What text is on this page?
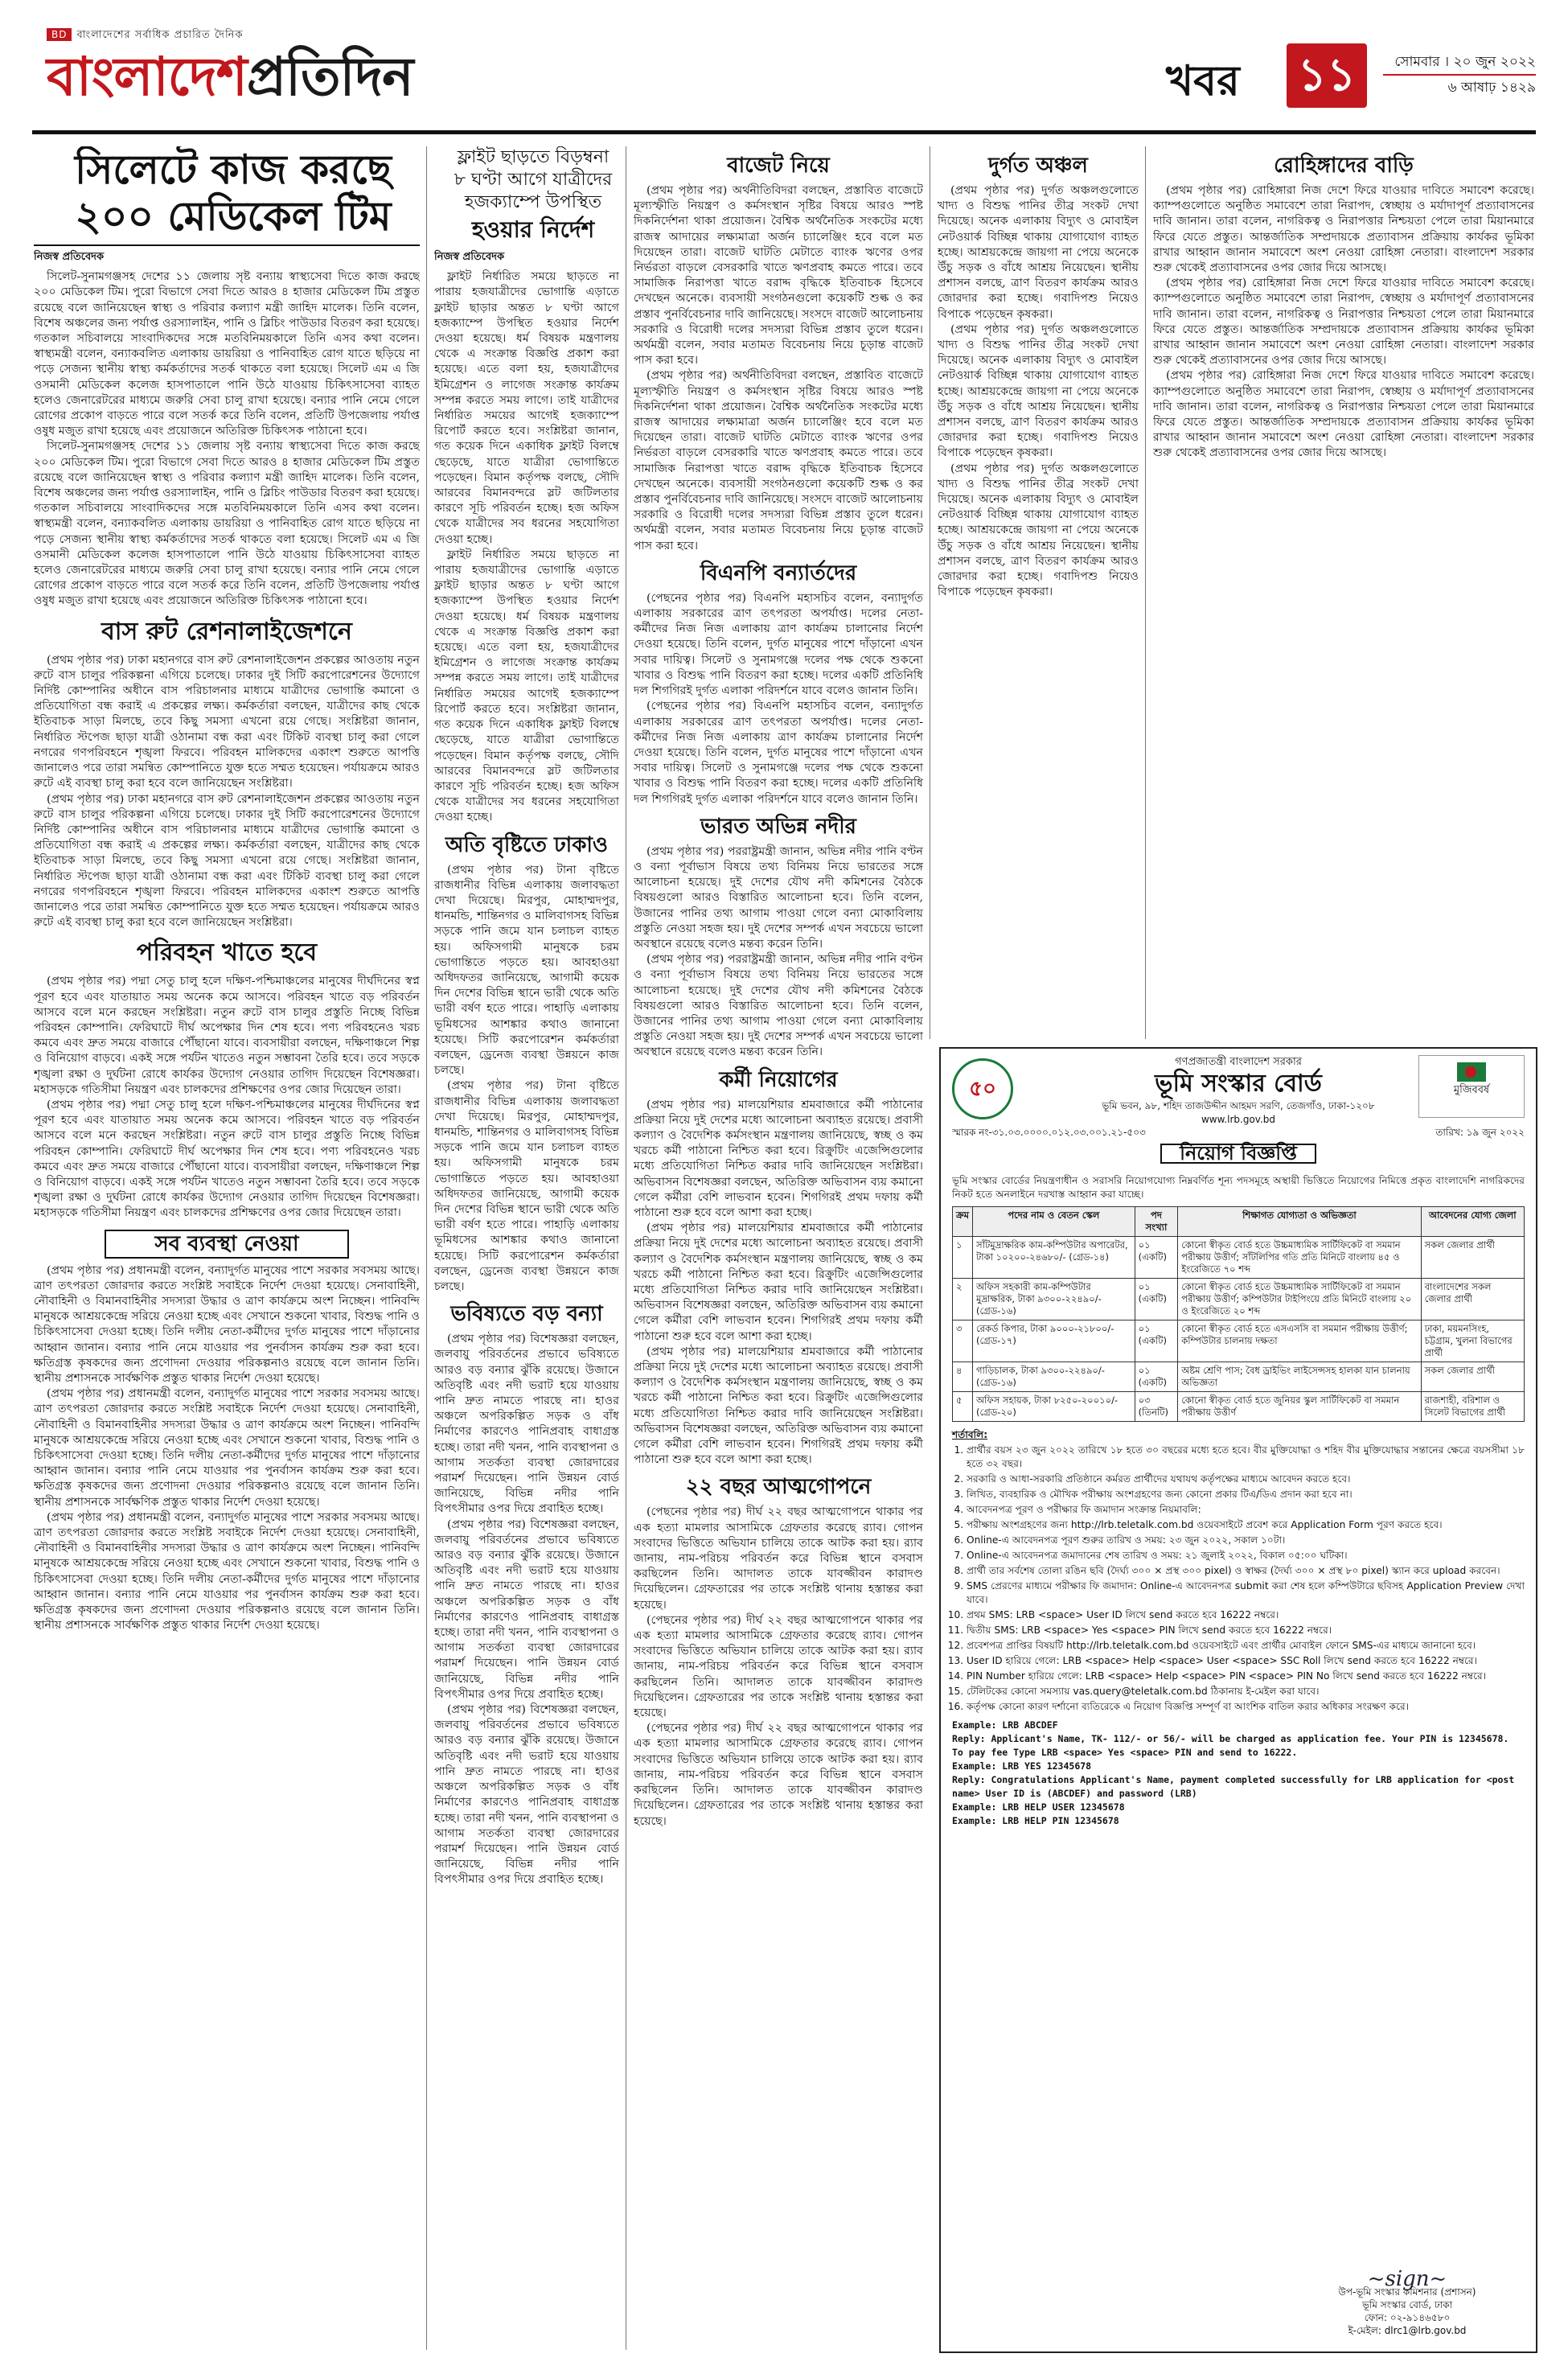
BD বাংলাদেশের সর্বাধিক প্রচারিত দৈনিক
বাংলাদেশপ্রতিদিন	খবর ১১	সোমবার । ২০ জুন ২০২২
৬ আষাঢ় ১৪২৯

সিলেটে কাজ করছে

২০০ মেডিকেল টিম

নিজস্ব প্রতিবেদক

সিলেট-সুনামগঞ্জসহ দেশের ১১ জেলায় সৃষ্ট বন্যায় স্বাস্থ্যসেবা দিতে কাজ করছে ২০০ মেডিকেল টিম। পুরো বিভাগে সেবা দিতে আরও ৪ হাজার মেডিকেল টিম প্রস্তুত রয়েছে বলে জানিয়েছেন স্বাস্থ্য ও পরিবার কল্যাণ মন্ত্রী জাহিদ মালেক। তিনি বলেন, বিশেষ অঞ্চলের জন্য পর্যাপ্ত ওরস্যালাইন, পানি ও ব্লিচিং পাউডার বিতরণ করা হয়েছে। গতকাল সচিবালয়ে সাংবাদিকদের সঙ্গে মতবিনিময়কালে তিনি এসব কথা বলেন। স্বাস্থ্যমন্ত্রী বলেন, বন্যাকবলিত এলাকায় ডায়রিয়া ও পানিবাহিত রোগ যাতে ছড়িয়ে না পড়ে সেজন্য স্থানীয় স্বাস্থ্য কর্মকর্তাদের সতর্ক থাকতে বলা হয়েছে। সিলেট এম এ জি ওসমানী মেডিকেল কলেজ হাসপাতালে পানি উঠে যাওয়ায় চিকিৎসাসেবা ব্যাহত হলেও জেনারেটরের মাধ্যমে জরুরি সেবা চালু রাখা হয়েছে। বন্যার পানি নেমে গেলে রোগের প্রকোপ বাড়তে পারে বলে সতর্ক করে তিনি বলেন, প্রতিটি উপজেলায় পর্যাপ্ত ওষুধ মজুত রাখা হয়েছে এবং প্রয়োজনে অতিরিক্ত চিকিৎসক পাঠানো হবে।

সিলেট-সুনামগঞ্জসহ দেশের ১১ জেলায় সৃষ্ট বন্যায় স্বাস্থ্যসেবা দিতে কাজ করছে ২০০ মেডিকেল টিম। পুরো বিভাগে সেবা দিতে আরও ৪ হাজার মেডিকেল টিম প্রস্তুত রয়েছে বলে জানিয়েছেন স্বাস্থ্য ও পরিবার কল্যাণ মন্ত্রী জাহিদ মালেক। তিনি বলেন, বিশেষ অঞ্চলের জন্য পর্যাপ্ত ওরস্যালাইন, পানি ও ব্লিচিং পাউডার বিতরণ করা হয়েছে। গতকাল সচিবালয়ে সাংবাদিকদের সঙ্গে মতবিনিময়কালে তিনি এসব কথা বলেন। স্বাস্থ্যমন্ত্রী বলেন, বন্যাকবলিত এলাকায় ডায়রিয়া ও পানিবাহিত রোগ যাতে ছড়িয়ে না পড়ে সেজন্য স্থানীয় স্বাস্থ্য কর্মকর্তাদের সতর্ক থাকতে বলা হয়েছে। সিলেট এম এ জি ওসমানী মেডিকেল কলেজ হাসপাতালে পানি উঠে যাওয়ায় চিকিৎসাসেবা ব্যাহত হলেও জেনারেটরের মাধ্যমে জরুরি সেবা চালু রাখা হয়েছে। বন্যার পানি নেমে গেলে রোগের প্রকোপ বাড়তে পারে বলে সতর্ক করে তিনি বলেন, প্রতিটি উপজেলায় পর্যাপ্ত ওষুধ মজুত রাখা হয়েছে এবং প্রয়োজনে অতিরিক্ত চিকিৎসক পাঠানো হবে।

বাস রুট রেশনালাইজেশনে

(প্রথম পৃষ্ঠার পর) ঢাকা মহানগরে বাস রুট রেশনালাইজেশন প্রকল্পের আওতায় নতুন রুটে বাস চালুর পরিকল্পনা এগিয়ে চলেছে। ঢাকার দুই সিটি করপোরেশনের উদ্যোগে নির্দিষ্ট কোম্পানির অধীনে বাস পরিচালনার মাধ্যমে যাত্রীদের ভোগান্তি কমানো ও প্রতিযোগিতা বন্ধ করাই এ প্রকল্পের লক্ষ্য। কর্মকর্তারা বলছেন, যাত্রীদের কাছ থেকে ইতিবাচক সাড়া মিলছে, তবে কিছু সমস্যা এখনো রয়ে গেছে। সংশ্লিষ্টরা জানান, নির্ধারিত স্টপেজ ছাড়া যাত্রী ওঠানামা বন্ধ করা এবং টিকিট ব্যবস্থা চালু করা গেলে নগরের গণপরিবহনে শৃঙ্খলা ফিরবে। পরিবহন মালিকদের একাংশ শুরুতে আপত্তি জানালেও পরে তারা সমন্বিত কোম্পানিতে যুক্ত হতে সম্মত হয়েছেন। পর্যায়ক্রমে আরও রুটে এই ব্যবস্থা চালু করা হবে বলে জানিয়েছেন সংশ্লিষ্টরা।

(প্রথম পৃষ্ঠার পর) ঢাকা মহানগরে বাস রুট রেশনালাইজেশন প্রকল্পের আওতায় নতুন রুটে বাস চালুর পরিকল্পনা এগিয়ে চলেছে। ঢাকার দুই সিটি করপোরেশনের উদ্যোগে নির্দিষ্ট কোম্পানির অধীনে বাস পরিচালনার মাধ্যমে যাত্রীদের ভোগান্তি কমানো ও প্রতিযোগিতা বন্ধ করাই এ প্রকল্পের লক্ষ্য। কর্মকর্তারা বলছেন, যাত্রীদের কাছ থেকে ইতিবাচক সাড়া মিলছে, তবে কিছু সমস্যা এখনো রয়ে গেছে। সংশ্লিষ্টরা জানান, নির্ধারিত স্টপেজ ছাড়া যাত্রী ওঠানামা বন্ধ করা এবং টিকিট ব্যবস্থা চালু করা গেলে নগরের গণপরিবহনে শৃঙ্খলা ফিরবে। পরিবহন মালিকদের একাংশ শুরুতে আপত্তি জানালেও পরে তারা সমন্বিত কোম্পানিতে যুক্ত হতে সম্মত হয়েছেন। পর্যায়ক্রমে আরও রুটে এই ব্যবস্থা চালু করা হবে বলে জানিয়েছেন সংশ্লিষ্টরা।

পরিবহন খাতে হবে

(প্রথম পৃষ্ঠার পর) পদ্মা সেতু চালু হলে দক্ষিণ-পশ্চিমাঞ্চলের মানুষের দীর্ঘদিনের স্বপ্ন পূরণ হবে এবং যাতায়াত সময় অনেক কমে আসবে। পরিবহন খাতে বড় পরিবর্তন আসবে বলে মনে করছেন সংশ্লিষ্টরা। নতুন রুটে বাস চালুর প্রস্তুতি নিচ্ছে বিভিন্ন পরিবহন কোম্পানি। ফেরিঘাটে দীর্ঘ অপেক্ষার দিন শেষ হবে। পণ্য পরিবহনেও খরচ কমবে এবং দ্রুত সময়ে বাজারে পৌঁছানো যাবে। ব্যবসায়ীরা বলছেন, দক্ষিণাঞ্চলে শিল্প ও বিনিয়োগ বাড়বে। একই সঙ্গে পর্যটন খাতেও নতুন সম্ভাবনা তৈরি হবে। তবে সড়কে শৃঙ্খলা রক্ষা ও দুর্ঘটনা রোধে কার্যকর উদ্যোগ নেওয়ার তাগিদ দিয়েছেন বিশেষজ্ঞরা। মহাসড়কে গতিসীমা নিয়ন্ত্রণ এবং চালকদের প্রশিক্ষণের ওপর জোর দিয়েছেন তারা।

(প্রথম পৃষ্ঠার পর) পদ্মা সেতু চালু হলে দক্ষিণ-পশ্চিমাঞ্চলের মানুষের দীর্ঘদিনের স্বপ্ন পূরণ হবে এবং যাতায়াত সময় অনেক কমে আসবে। পরিবহন খাতে বড় পরিবর্তন আসবে বলে মনে করছেন সংশ্লিষ্টরা। নতুন রুটে বাস চালুর প্রস্তুতি নিচ্ছে বিভিন্ন পরিবহন কোম্পানি। ফেরিঘাটে দীর্ঘ অপেক্ষার দিন শেষ হবে। পণ্য পরিবহনেও খরচ কমবে এবং দ্রুত সময়ে বাজারে পৌঁছানো যাবে। ব্যবসায়ীরা বলছেন, দক্ষিণাঞ্চলে শিল্প ও বিনিয়োগ বাড়বে। একই সঙ্গে পর্যটন খাতেও নতুন সম্ভাবনা তৈরি হবে। তবে সড়কে শৃঙ্খলা রক্ষা ও দুর্ঘটনা রোধে কার্যকর উদ্যোগ নেওয়ার তাগিদ দিয়েছেন বিশেষজ্ঞরা। মহাসড়কে গতিসীমা নিয়ন্ত্রণ এবং চালকদের প্রশিক্ষণের ওপর জোর দিয়েছেন তারা।

সব ব্যবস্থা নেওয়া

(প্রথম পৃষ্ঠার পর) প্রধানমন্ত্রী বলেন, বন্যাদুর্গত মানুষের পাশে সরকার সবসময় আছে। ত্রাণ তৎপরতা জোরদার করতে সংশ্লিষ্ট সবাইকে নির্দেশ দেওয়া হয়েছে। সেনাবাহিনী, নৌবাহিনী ও বিমানবাহিনীর সদস্যরা উদ্ধার ও ত্রাণ কার্যক্রমে অংশ নিচ্ছেন। পানিবন্দি মানুষকে আশ্রয়কেন্দ্রে সরিয়ে নেওয়া হচ্ছে এবং সেখানে শুকনো খাবার, বিশুদ্ধ পানি ও চিকিৎসাসেবা দেওয়া হচ্ছে। তিনি দলীয় নেতা-কর্মীদের দুর্গত মানুষের পাশে দাঁড়ানোর আহ্বান জানান। বন্যার পানি নেমে যাওয়ার পর পুনর্বাসন কার্যক্রম শুরু করা হবে। ক্ষতিগ্রস্ত কৃষকদের জন্য প্রণোদনা দেওয়ার পরিকল্পনাও রয়েছে বলে জানান তিনি। স্থানীয় প্রশাসনকে সার্বক্ষণিক প্রস্তুত থাকার নির্দেশ দেওয়া হয়েছে।

(প্রথম পৃষ্ঠার পর) প্রধানমন্ত্রী বলেন, বন্যাদুর্গত মানুষের পাশে সরকার সবসময় আছে। ত্রাণ তৎপরতা জোরদার করতে সংশ্লিষ্ট সবাইকে নির্দেশ দেওয়া হয়েছে। সেনাবাহিনী, নৌবাহিনী ও বিমানবাহিনীর সদস্যরা উদ্ধার ও ত্রাণ কার্যক্রমে অংশ নিচ্ছেন। পানিবন্দি মানুষকে আশ্রয়কেন্দ্রে সরিয়ে নেওয়া হচ্ছে এবং সেখানে শুকনো খাবার, বিশুদ্ধ পানি ও চিকিৎসাসেবা দেওয়া হচ্ছে। তিনি দলীয় নেতা-কর্মীদের দুর্গত মানুষের পাশে দাঁড়ানোর আহ্বান জানান। বন্যার পানি নেমে যাওয়ার পর পুনর্বাসন কার্যক্রম শুরু করা হবে। ক্ষতিগ্রস্ত কৃষকদের জন্য প্রণোদনা দেওয়ার পরিকল্পনাও রয়েছে বলে জানান তিনি। স্থানীয় প্রশাসনকে সার্বক্ষণিক প্রস্তুত থাকার নির্দেশ দেওয়া হয়েছে।

(প্রথম পৃষ্ঠার পর) প্রধানমন্ত্রী বলেন, বন্যাদুর্গত মানুষের পাশে সরকার সবসময় আছে। ত্রাণ তৎপরতা জোরদার করতে সংশ্লিষ্ট সবাইকে নির্দেশ দেওয়া হয়েছে। সেনাবাহিনী, নৌবাহিনী ও বিমানবাহিনীর সদস্যরা উদ্ধার ও ত্রাণ কার্যক্রমে অংশ নিচ্ছেন। পানিবন্দি মানুষকে আশ্রয়কেন্দ্রে সরিয়ে নেওয়া হচ্ছে এবং সেখানে শুকনো খাবার, বিশুদ্ধ পানি ও চিকিৎসাসেবা দেওয়া হচ্ছে। তিনি দলীয় নেতা-কর্মীদের দুর্গত মানুষের পাশে দাঁড়ানোর আহ্বান জানান। বন্যার পানি নেমে যাওয়ার পর পুনর্বাসন কার্যক্রম শুরু করা হবে। ক্ষতিগ্রস্ত কৃষকদের জন্য প্রণোদনা দেওয়ার পরিকল্পনাও রয়েছে বলে জানান তিনি। স্থানীয় প্রশাসনকে সার্বক্ষণিক প্রস্তুত থাকার নির্দেশ দেওয়া হয়েছে।

ফ্লাইট ছাড়তে বিড়ম্বনা

৮ ঘণ্টা আগে যাত্রীদের

হজক্যাম্পে উপস্থিত

হওয়ার নির্দেশ

নিজস্ব প্রতিবেদক

ফ্লাইট নির্ধারিত সময়ে ছাড়তে না পারায় হজযাত্রীদের ভোগান্তি এড়াতে ফ্লাইট ছাড়ার অন্তত ৮ ঘণ্টা আগে হজক্যাম্পে উপস্থিত হওয়ার নির্দেশ দেওয়া হয়েছে। ধর্ম বিষয়ক মন্ত্রণালয় থেকে এ সংক্রান্ত বিজ্ঞপ্তি প্রকাশ করা হয়েছে। এতে বলা হয়, হজযাত্রীদের ইমিগ্রেশন ও লাগেজ সংক্রান্ত কার্যক্রম সম্পন্ন করতে সময় লাগে। তাই যাত্রীদের নির্ধারিত সময়ের আগেই হজক্যাম্পে রিপোর্ট করতে হবে। সংশ্লিষ্টরা জানান, গত কয়েক দিনে একাধিক ফ্লাইট বিলম্বে ছেড়েছে, যাতে যাত্রীরা ভোগান্তিতে পড়েছেন। বিমান কর্তৃপক্ষ বলছে, সৌদি আরবের বিমানবন্দরে স্লট জটিলতার কারণে সূচি পরিবর্তন হচ্ছে। হজ অফিস থেকে যাত্রীদের সব ধরনের সহযোগিতা দেওয়া হচ্ছে।

ফ্লাইট নির্ধারিত সময়ে ছাড়তে না পারায় হজযাত্রীদের ভোগান্তি এড়াতে ফ্লাইট ছাড়ার অন্তত ৮ ঘণ্টা আগে হজক্যাম্পে উপস্থিত হওয়ার নির্দেশ দেওয়া হয়েছে। ধর্ম বিষয়ক মন্ত্রণালয় থেকে এ সংক্রান্ত বিজ্ঞপ্তি প্রকাশ করা হয়েছে। এতে বলা হয়, হজযাত্রীদের ইমিগ্রেশন ও লাগেজ সংক্রান্ত কার্যক্রম সম্পন্ন করতে সময় লাগে। তাই যাত্রীদের নির্ধারিত সময়ের আগেই হজক্যাম্পে রিপোর্ট করতে হবে। সংশ্লিষ্টরা জানান, গত কয়েক দিনে একাধিক ফ্লাইট বিলম্বে ছেড়েছে, যাতে যাত্রীরা ভোগান্তিতে পড়েছেন। বিমান কর্তৃপক্ষ বলছে, সৌদি আরবের বিমানবন্দরে স্লট জটিলতার কারণে সূচি পরিবর্তন হচ্ছে। হজ অফিস থেকে যাত্রীদের সব ধরনের সহযোগিতা দেওয়া হচ্ছে।

অতি বৃষ্টিতে ঢাকাও

(প্রথম পৃষ্ঠার পর) টানা বৃষ্টিতে রাজধানীর বিভিন্ন এলাকায় জলাবদ্ধতা দেখা দিয়েছে। মিরপুর, মোহাম্মদপুর, ধানমন্ডি, শান্তিনগর ও মালিবাগসহ বিভিন্ন সড়কে পানি জমে যান চলাচল ব্যাহত হয়। অফিসগামী মানুষকে চরম ভোগান্তিতে পড়তে হয়। আবহাওয়া অধিদফতর জানিয়েছে, আগামী কয়েক দিন দেশের বিভিন্ন স্থানে ভারী থেকে অতি ভারী বর্ষণ হতে পারে। পাহাড়ি এলাকায় ভূমিধসের আশঙ্কার কথাও জানানো হয়েছে। সিটি করপোরেশন কর্মকর্তারা বলছেন, ড্রেনেজ ব্যবস্থা উন্নয়নে কাজ চলছে।

(প্রথম পৃষ্ঠার পর) টানা বৃষ্টিতে রাজধানীর বিভিন্ন এলাকায় জলাবদ্ধতা দেখা দিয়েছে। মিরপুর, মোহাম্মদপুর, ধানমন্ডি, শান্তিনগর ও মালিবাগসহ বিভিন্ন সড়কে পানি জমে যান চলাচল ব্যাহত হয়। অফিসগামী মানুষকে চরম ভোগান্তিতে পড়তে হয়। আবহাওয়া অধিদফতর জানিয়েছে, আগামী কয়েক দিন দেশের বিভিন্ন স্থানে ভারী থেকে অতি ভারী বর্ষণ হতে পারে। পাহাড়ি এলাকায় ভূমিধসের আশঙ্কার কথাও জানানো হয়েছে। সিটি করপোরেশন কর্মকর্তারা বলছেন, ড্রেনেজ ব্যবস্থা উন্নয়নে কাজ চলছে।

ভবিষ্যতে বড় বন্যা

(প্রথম পৃষ্ঠার পর) বিশেষজ্ঞরা বলছেন, জলবায়ু পরিবর্তনের প্রভাবে ভবিষ্যতে আরও বড় বন্যার ঝুঁকি রয়েছে। উজানে অতিবৃষ্টি এবং নদী ভরাট হয়ে যাওয়ায় পানি দ্রুত নামতে পারছে না। হাওর অঞ্চলে অপরিকল্পিত সড়ক ও বাঁধ নির্মাণের কারণেও পানিপ্রবাহ বাধাগ্রস্ত হচ্ছে। তারা নদী খনন, পানি ব্যবস্থাপনা ও আগাম সতর্কতা ব্যবস্থা জোরদারের পরামর্শ দিয়েছেন। পানি উন্নয়ন বোর্ড জানিয়েছে, বিভিন্ন নদীর পানি বিপৎসীমার ওপর দিয়ে প্রবাহিত হচ্ছে।

(প্রথম পৃষ্ঠার পর) বিশেষজ্ঞরা বলছেন, জলবায়ু পরিবর্তনের প্রভাবে ভবিষ্যতে আরও বড় বন্যার ঝুঁকি রয়েছে। উজানে অতিবৃষ্টি এবং নদী ভরাট হয়ে যাওয়ায় পানি দ্রুত নামতে পারছে না। হাওর অঞ্চলে অপরিকল্পিত সড়ক ও বাঁধ নির্মাণের কারণেও পানিপ্রবাহ বাধাগ্রস্ত হচ্ছে। তারা নদী খনন, পানি ব্যবস্থাপনা ও আগাম সতর্কতা ব্যবস্থা জোরদারের পরামর্শ দিয়েছেন। পানি উন্নয়ন বোর্ড জানিয়েছে, বিভিন্ন নদীর পানি বিপৎসীমার ওপর দিয়ে প্রবাহিত হচ্ছে।

(প্রথম পৃষ্ঠার পর) বিশেষজ্ঞরা বলছেন, জলবায়ু পরিবর্তনের প্রভাবে ভবিষ্যতে আরও বড় বন্যার ঝুঁকি রয়েছে। উজানে অতিবৃষ্টি এবং নদী ভরাট হয়ে যাওয়ায় পানি দ্রুত নামতে পারছে না। হাওর অঞ্চলে অপরিকল্পিত সড়ক ও বাঁধ নির্মাণের কারণেও পানিপ্রবাহ বাধাগ্রস্ত হচ্ছে। তারা নদী খনন, পানি ব্যবস্থাপনা ও আগাম সতর্কতা ব্যবস্থা জোরদারের পরামর্শ দিয়েছেন। পানি উন্নয়ন বোর্ড জানিয়েছে, বিভিন্ন নদীর পানি বিপৎসীমার ওপর দিয়ে প্রবাহিত হচ্ছে।

বাজেট নিয়ে

(প্রথম পৃষ্ঠার পর) অর্থনীতিবিদরা বলছেন, প্রস্তাবিত বাজেটে মূল্যস্ফীতি নিয়ন্ত্রণ ও কর্মসংস্থান সৃষ্টির বিষয়ে আরও স্পষ্ট দিকনির্দেশনা থাকা প্রয়োজন। বৈশ্বিক অর্থনৈতিক সংকটের মধ্যে রাজস্ব আদায়ের লক্ষ্যমাত্রা অর্জন চ্যালেঞ্জিং হবে বলে মত দিয়েছেন তারা। বাজেট ঘাটতি মেটাতে ব্যাংক ঋণের ওপর নির্ভরতা বাড়লে বেসরকারি খাতে ঋণপ্রবাহ কমতে পারে। তবে সামাজিক নিরাপত্তা খাতে বরাদ্দ বৃদ্ধিকে ইতিবাচক হিসেবে দেখছেন অনেকে। ব্যবসায়ী সংগঠনগুলো কয়েকটি শুল্ক ও কর প্রস্তাব পুনর্বিবেচনার দাবি জানিয়েছে। সংসদে বাজেট আলোচনায় সরকারি ও বিরোধী দলের সদস্যরা বিভিন্ন প্রস্তাব তুলে ধরেন। অর্থমন্ত্রী বলেন, সবার মতামত বিবেচনায় নিয়ে চূড়ান্ত বাজেট পাস করা হবে।

(প্রথম পৃষ্ঠার পর) অর্থনীতিবিদরা বলছেন, প্রস্তাবিত বাজেটে মূল্যস্ফীতি নিয়ন্ত্রণ ও কর্মসংস্থান সৃষ্টির বিষয়ে আরও স্পষ্ট দিকনির্দেশনা থাকা প্রয়োজন। বৈশ্বিক অর্থনৈতিক সংকটের মধ্যে রাজস্ব আদায়ের লক্ষ্যমাত্রা অর্জন চ্যালেঞ্জিং হবে বলে মত দিয়েছেন তারা। বাজেট ঘাটতি মেটাতে ব্যাংক ঋণের ওপর নির্ভরতা বাড়লে বেসরকারি খাতে ঋণপ্রবাহ কমতে পারে। তবে সামাজিক নিরাপত্তা খাতে বরাদ্দ বৃদ্ধিকে ইতিবাচক হিসেবে দেখছেন অনেকে। ব্যবসায়ী সংগঠনগুলো কয়েকটি শুল্ক ও কর প্রস্তাব পুনর্বিবেচনার দাবি জানিয়েছে। সংসদে বাজেট আলোচনায় সরকারি ও বিরোধী দলের সদস্যরা বিভিন্ন প্রস্তাব তুলে ধরেন। অর্থমন্ত্রী বলেন, সবার মতামত বিবেচনায় নিয়ে চূড়ান্ত বাজেট পাস করা হবে।

বিএনপি বন্যার্তদের

(পেছনের পৃষ্ঠার পর) বিএনপি মহাসচিব বলেন, বন্যাদুর্গত এলাকায় সরকারের ত্রাণ তৎপরতা অপর্যাপ্ত। দলের নেতা-কর্মীদের নিজ নিজ এলাকায় ত্রাণ কার্যক্রম চালানোর নির্দেশ দেওয়া হয়েছে। তিনি বলেন, দুর্গত মানুষের পাশে দাঁড়ানো এখন সবার দায়িত্ব। সিলেট ও সুনামগঞ্জে দলের পক্ষ থেকে শুকনো খাবার ও বিশুদ্ধ পানি বিতরণ করা হচ্ছে। দলের একটি প্রতিনিধি দল শিগগিরই দুর্গত এলাকা পরিদর্শনে যাবে বলেও জানান তিনি।

(পেছনের পৃষ্ঠার পর) বিএনপি মহাসচিব বলেন, বন্যাদুর্গত এলাকায় সরকারের ত্রাণ তৎপরতা অপর্যাপ্ত। দলের নেতা-কর্মীদের নিজ নিজ এলাকায় ত্রাণ কার্যক্রম চালানোর নির্দেশ দেওয়া হয়েছে। তিনি বলেন, দুর্গত মানুষের পাশে দাঁড়ানো এখন সবার দায়িত্ব। সিলেট ও সুনামগঞ্জে দলের পক্ষ থেকে শুকনো খাবার ও বিশুদ্ধ পানি বিতরণ করা হচ্ছে। দলের একটি প্রতিনিধি দল শিগগিরই দুর্গত এলাকা পরিদর্শনে যাবে বলেও জানান তিনি।

ভারত অভিন্ন নদীর

(প্রথম পৃষ্ঠার পর) পররাষ্ট্রমন্ত্রী জানান, অভিন্ন নদীর পানি বণ্টন ও বন্যা পূর্বাভাস বিষয়ে তথ্য বিনিময় নিয়ে ভারতের সঙ্গে আলোচনা হয়েছে। দুই দেশের যৌথ নদী কমিশনের বৈঠকে বিষয়গুলো আরও বিস্তারিত আলোচনা হবে। তিনি বলেন, উজানের পানির তথ্য আগাম পাওয়া গেলে বন্যা মোকাবিলায় প্রস্তুতি নেওয়া সহজ হয়। দুই দেশের সম্পর্ক এখন সবচেয়ে ভালো অবস্থানে রয়েছে বলেও মন্তব্য করেন তিনি।

(প্রথম পৃষ্ঠার পর) পররাষ্ট্রমন্ত্রী জানান, অভিন্ন নদীর পানি বণ্টন ও বন্যা পূর্বাভাস বিষয়ে তথ্য বিনিময় নিয়ে ভারতের সঙ্গে আলোচনা হয়েছে। দুই দেশের যৌথ নদী কমিশনের বৈঠকে বিষয়গুলো আরও বিস্তারিত আলোচনা হবে। তিনি বলেন, উজানের পানির তথ্য আগাম পাওয়া গেলে বন্যা মোকাবিলায় প্রস্তুতি নেওয়া সহজ হয়। দুই দেশের সম্পর্ক এখন সবচেয়ে ভালো অবস্থানে রয়েছে বলেও মন্তব্য করেন তিনি।

কর্মী নিয়োগের

(প্রথম পৃষ্ঠার পর) মালয়েশিয়ার শ্রমবাজারে কর্মী পাঠানোর প্রক্রিয়া নিয়ে দুই দেশের মধ্যে আলোচনা অব্যাহত রয়েছে। প্রবাসী কল্যাণ ও বৈদেশিক কর্মসংস্থান মন্ত্রণালয় জানিয়েছে, স্বচ্ছ ও কম খরচে কর্মী পাঠানো নিশ্চিত করা হবে। রিক্রুটিং এজেন্সিগুলোর মধ্যে প্রতিযোগিতা নিশ্চিত করার দাবি জানিয়েছেন সংশ্লিষ্টরা। অভিবাসন বিশেষজ্ঞরা বলছেন, অতিরিক্ত অভিবাসন ব্যয় কমানো গেলে কর্মীরা বেশি লাভবান হবেন। শিগগিরই প্রথম দফায় কর্মী পাঠানো শুরু হবে বলে আশা করা হচ্ছে।

(প্রথম পৃষ্ঠার পর) মালয়েশিয়ার শ্রমবাজারে কর্মী পাঠানোর প্রক্রিয়া নিয়ে দুই দেশের মধ্যে আলোচনা অব্যাহত রয়েছে। প্রবাসী কল্যাণ ও বৈদেশিক কর্মসংস্থান মন্ত্রণালয় জানিয়েছে, স্বচ্ছ ও কম খরচে কর্মী পাঠানো নিশ্চিত করা হবে। রিক্রুটিং এজেন্সিগুলোর মধ্যে প্রতিযোগিতা নিশ্চিত করার দাবি জানিয়েছেন সংশ্লিষ্টরা। অভিবাসন বিশেষজ্ঞরা বলছেন, অতিরিক্ত অভিবাসন ব্যয় কমানো গেলে কর্মীরা বেশি লাভবান হবেন। শিগগিরই প্রথম দফায় কর্মী পাঠানো শুরু হবে বলে আশা করা হচ্ছে।

(প্রথম পৃষ্ঠার পর) মালয়েশিয়ার শ্রমবাজারে কর্মী পাঠানোর প্রক্রিয়া নিয়ে দুই দেশের মধ্যে আলোচনা অব্যাহত রয়েছে। প্রবাসী কল্যাণ ও বৈদেশিক কর্মসংস্থান মন্ত্রণালয় জানিয়েছে, স্বচ্ছ ও কম খরচে কর্মী পাঠানো নিশ্চিত করা হবে। রিক্রুটিং এজেন্সিগুলোর মধ্যে প্রতিযোগিতা নিশ্চিত করার দাবি জানিয়েছেন সংশ্লিষ্টরা। অভিবাসন বিশেষজ্ঞরা বলছেন, অতিরিক্ত অভিবাসন ব্যয় কমানো গেলে কর্মীরা বেশি লাভবান হবেন। শিগগিরই প্রথম দফায় কর্মী পাঠানো শুরু হবে বলে আশা করা হচ্ছে।

২২ বছর আত্মগোপনে

(পেছনের পৃষ্ঠার পর) দীর্ঘ ২২ বছর আত্মগোপনে থাকার পর এক হত্যা মামলার আসামিকে গ্রেফতার করেছে র‌্যাব। গোপন সংবাদের ভিত্তিতে অভিযান চালিয়ে তাকে আটক করা হয়। র‌্যাব জানায়, নাম-পরিচয় পরিবর্তন করে বিভিন্ন স্থানে বসবাস করছিলেন তিনি। আদালত তাকে যাবজ্জীবন কারাদণ্ড দিয়েছিলেন। গ্রেফতারের পর তাকে সংশ্লিষ্ট থানায় হস্তান্তর করা হয়েছে।

(পেছনের পৃষ্ঠার পর) দীর্ঘ ২২ বছর আত্মগোপনে থাকার পর এক হত্যা মামলার আসামিকে গ্রেফতার করেছে র‌্যাব। গোপন সংবাদের ভিত্তিতে অভিযান চালিয়ে তাকে আটক করা হয়। র‌্যাব জানায়, নাম-পরিচয় পরিবর্তন করে বিভিন্ন স্থানে বসবাস করছিলেন তিনি। আদালত তাকে যাবজ্জীবন কারাদণ্ড দিয়েছিলেন। গ্রেফতারের পর তাকে সংশ্লিষ্ট থানায় হস্তান্তর করা হয়েছে।

(পেছনের পৃষ্ঠার পর) দীর্ঘ ২২ বছর আত্মগোপনে থাকার পর এক হত্যা মামলার আসামিকে গ্রেফতার করেছে র‌্যাব। গোপন সংবাদের ভিত্তিতে অভিযান চালিয়ে তাকে আটক করা হয়। র‌্যাব জানায়, নাম-পরিচয় পরিবর্তন করে বিভিন্ন স্থানে বসবাস করছিলেন তিনি। আদালত তাকে যাবজ্জীবন কারাদণ্ড দিয়েছিলেন। গ্রেফতারের পর তাকে সংশ্লিষ্ট থানায় হস্তান্তর করা হয়েছে।

দুর্গত অঞ্চল

(প্রথম পৃষ্ঠার পর) দুর্গত অঞ্চলগুলোতে খাদ্য ও বিশুদ্ধ পানির তীব্র সংকট দেখা দিয়েছে। অনেক এলাকায় বিদ্যুৎ ও মোবাইল নেটওয়ার্ক বিচ্ছিন্ন থাকায় যোগাযোগ ব্যাহত হচ্ছে। আশ্রয়কেন্দ্রে জায়গা না পেয়ে অনেকে উঁচু সড়ক ও বাঁধে আশ্রয় নিয়েছেন। স্থানীয় প্রশাসন বলছে, ত্রাণ বিতরণ কার্যক্রম আরও জোরদার করা হচ্ছে। গবাদিপশু নিয়েও বিপাকে পড়েছেন কৃষকরা।

(প্রথম পৃষ্ঠার পর) দুর্গত অঞ্চলগুলোতে খাদ্য ও বিশুদ্ধ পানির তীব্র সংকট দেখা দিয়েছে। অনেক এলাকায় বিদ্যুৎ ও মোবাইল নেটওয়ার্ক বিচ্ছিন্ন থাকায় যোগাযোগ ব্যাহত হচ্ছে। আশ্রয়কেন্দ্রে জায়গা না পেয়ে অনেকে উঁচু সড়ক ও বাঁধে আশ্রয় নিয়েছেন। স্থানীয় প্রশাসন বলছে, ত্রাণ বিতরণ কার্যক্রম আরও জোরদার করা হচ্ছে। গবাদিপশু নিয়েও বিপাকে পড়েছেন কৃষকরা।

(প্রথম পৃষ্ঠার পর) দুর্গত অঞ্চলগুলোতে খাদ্য ও বিশুদ্ধ পানির তীব্র সংকট দেখা দিয়েছে। অনেক এলাকায় বিদ্যুৎ ও মোবাইল নেটওয়ার্ক বিচ্ছিন্ন থাকায় যোগাযোগ ব্যাহত হচ্ছে। আশ্রয়কেন্দ্রে জায়গা না পেয়ে অনেকে উঁচু সড়ক ও বাঁধে আশ্রয় নিয়েছেন। স্থানীয় প্রশাসন বলছে, ত্রাণ বিতরণ কার্যক্রম আরও জোরদার করা হচ্ছে। গবাদিপশু নিয়েও বিপাকে পড়েছেন কৃষকরা।

রোহিঙ্গাদের বাড়ি

(প্রথম পৃষ্ঠার পর) রোহিঙ্গারা নিজ দেশে ফিরে যাওয়ার দাবিতে সমাবেশ করেছে। ক্যাম্পগুলোতে অনুষ্ঠিত সমাবেশে তারা নিরাপদ, স্বেচ্ছায় ও মর্যাদাপূর্ণ প্রত্যাবাসনের দাবি জানান। তারা বলেন, নাগরিকত্ব ও নিরাপত্তার নিশ্চয়তা পেলে তারা মিয়ানমারে ফিরে যেতে প্রস্তুত। আন্তর্জাতিক সম্প্রদায়কে প্রত্যাবাসন প্রক্রিয়ায় কার্যকর ভূমিকা রাখার আহ্বান জানান সমাবেশে অংশ নেওয়া রোহিঙ্গা নেতারা। বাংলাদেশ সরকার শুরু থেকেই প্রত্যাবাসনের ওপর জোর দিয়ে আসছে।

(প্রথম পৃষ্ঠার পর) রোহিঙ্গারা নিজ দেশে ফিরে যাওয়ার দাবিতে সমাবেশ করেছে। ক্যাম্পগুলোতে অনুষ্ঠিত সমাবেশে তারা নিরাপদ, স্বেচ্ছায় ও মর্যাদাপূর্ণ প্রত্যাবাসনের দাবি জানান। তারা বলেন, নাগরিকত্ব ও নিরাপত্তার নিশ্চয়তা পেলে তারা মিয়ানমারে ফিরে যেতে প্রস্তুত। আন্তর্জাতিক সম্প্রদায়কে প্রত্যাবাসন প্রক্রিয়ায় কার্যকর ভূমিকা রাখার আহ্বান জানান সমাবেশে অংশ নেওয়া রোহিঙ্গা নেতারা। বাংলাদেশ সরকার শুরু থেকেই প্রত্যাবাসনের ওপর জোর দিয়ে আসছে।

(প্রথম পৃষ্ঠার পর) রোহিঙ্গারা নিজ দেশে ফিরে যাওয়ার দাবিতে সমাবেশ করেছে। ক্যাম্পগুলোতে অনুষ্ঠিত সমাবেশে তারা নিরাপদ, স্বেচ্ছায় ও মর্যাদাপূর্ণ প্রত্যাবাসনের দাবি জানান। তারা বলেন, নাগরিকত্ব ও নিরাপত্তার নিশ্চয়তা পেলে তারা মিয়ানমারে ফিরে যেতে প্রস্তুত। আন্তর্জাতিক সম্প্রদায়কে প্রত্যাবাসন প্রক্রিয়ায় কার্যকর ভূমিকা রাখার আহ্বান জানান সমাবেশে অংশ নেওয়া রোহিঙ্গা নেতারা। বাংলাদেশ সরকার শুরু থেকেই প্রত্যাবাসনের ওপর জোর দিয়ে আসছে।

৫০
গণপ্রজাতন্ত্রী বাংলাদেশ সরকার
ভূমি সংস্কার বোর্ড
ভূমি ভবন, ৯৮, শহিদ তাজউদ্দীন আহমদ সরণি, তেজগাঁও, ঢাকা-১২০৮
www.lrb.gov.bd
মুজিববর্ষ
স্মারক নং-৩১.০৩.০০০০.০১২.০৩.০০১.২১-৫০৩	তারিখ: ১৯ জুন ২০২২
নিয়োগ বিজ্ঞপ্তি

ভূমি সংস্কার বোর্ডের নিয়ন্ত্রণাধীন ও সরাসরি নিয়োগযোগ্য নিম্নবর্ণিত শূন্য পদসমূহে অস্থায়ী ভিত্তিতে নিয়োগের নিমিত্তে প্রকৃত বাংলাদেশি নাগরিকদের নিকট হতে অনলাইনে দরখাস্ত আহ্বান করা যাচ্ছে।

ক্রম	পদের নাম ও বেতন স্কেল	পদ সংখ্যা	শিক্ষাগত যোগ্যতা ও অভিজ্ঞতা	আবেদনের যোগ্য জেলা
১	সাঁটমুদ্রাক্ষরিক কাম-কম্পিউটার অপারেটর, টাকা ১০২০০-২৪৬৮০/- (গ্রেড-১৪)	০১ (একটি)	কোনো স্বীকৃত বোর্ড হতে উচ্চমাধ্যমিক সার্টিফিকেট বা সমমান পরীক্ষায় উত্তীর্ণ; সাঁটলিপির গতি প্রতি মিনিটে বাংলায় ৪৫ ও ইংরেজিতে ৭০ শব্দ	সকল জেলার প্রার্থী
২	অফিস সহকারী কাম-কম্পিউটার মুদ্রাক্ষরিক, টাকা ৯৩০০-২২৪৯০/- (গ্রেড-১৬)	০১ (একটি)	কোনো স্বীকৃত বোর্ড হতে উচ্চমাধ্যমিক সার্টিফিকেট বা সমমান পরীক্ষায় উত্তীর্ণ; কম্পিউটার টাইপিংয়ে প্রতি মিনিটে বাংলায় ২০ ও ইংরেজিতে ২০ শব্দ	বাংলাদেশের সকল জেলার প্রার্থী
৩	রেকর্ড কিপার, টাকা ৯০০০-২১৮০০/- (গ্রেড-১৭)	০১ (একটি)	কোনো স্বীকৃত বোর্ড হতে এসএসসি বা সমমান পরীক্ষায় উত্তীর্ণ; কম্পিউটার চালনায় দক্ষতা	ঢাকা, ময়মনসিংহ, চট্টগ্রাম, খুলনা বিভাগের প্রার্থী
৪	গাড়িচালক, টাকা ৯৩০০-২২৪৯০/- (গ্রেড-১৬)	০১ (একটি)	অষ্টম শ্রেণি পাস; বৈধ ড্রাইভিং লাইসেন্সসহ হালকা যান চালনায় অভিজ্ঞতা	সকল জেলার প্রার্থী
৫	অফিস সহায়ক, টাকা ৮২৫০-২০০১০/- (গ্রেড-২০)	০৩ (তিনটি)	কোনো স্বীকৃত বোর্ড হতে জুনিয়র স্কুল সার্টিফিকেট বা সমমান পরীক্ষায় উত্তীর্ণ	রাজশাহী, বরিশাল ও সিলেট বিভাগের প্রার্থী
শর্তাবলি:
1. প্রার্থীর বয়স ২৩ জুন ২০২২ তারিখে ১৮ হতে ৩০ বছরের মধ্যে হতে হবে। বীর মুক্তিযোদ্ধা ও শহিদ বীর মুক্তিযোদ্ধার সন্তানের ক্ষেত্রে বয়সসীমা ১৮ হতে ৩২ বছর।
2. সরকারি ও আধা-সরকারি প্রতিষ্ঠানে কর্মরত প্রার্থীদের যথাযথ কর্তৃপক্ষের মাধ্যমে আবেদন করতে হবে।
3. লিখিত, ব্যবহারিক ও মৌখিক পরীক্ষায় অংশগ্রহণের জন্য কোনো প্রকার টিএ/ডিএ প্রদান করা হবে না।
4. আবেদনপত্র পূরণ ও পরীক্ষার ফি জমাদান সংক্রান্ত নিয়মাবলি:
5. পরীক্ষায় অংশগ্রহণের জন্য http://lrb.teletalk.com.bd ওয়েবসাইটে প্রবেশ করে Application Form পূরণ করতে হবে।
6. Online-এ আবেদনপত্র পূরণ শুরুর তারিখ ও সময়: ২৩ জুন ২০২২, সকাল ১০টা।
7. Online-এ আবেদনপত্র জমাদানের শেষ তারিখ ও সময়: ২১ জুলাই ২০২২, বিকাল ০৫:০০ ঘটিকা।
8. প্রার্থী তার সর্বশেষ তোলা রঙিন ছবি (দৈর্ঘ্য ৩০০ × প্রস্থ ৩০০ pixel) ও স্বাক্ষর (দৈর্ঘ্য ৩০০ × প্রস্থ ৮০ pixel) স্ক্যান করে upload করবেন।
9. SMS প্রেরণের মাধ্যমে পরীক্ষার ফি জমাদান: Online-এ আবেদনপত্র submit করা শেষ হলে কম্পিউটারে ছবিসহ Application Preview দেখা যাবে।
10. প্রথম SMS: LRB <space> User ID লিখে send করতে হবে 16222 নম্বরে।
11. দ্বিতীয় SMS: LRB <space> Yes <space> PIN লিখে send করতে হবে 16222 নম্বরে।
12. প্রবেশপত্র প্রাপ্তির বিষয়টি http://lrb.teletalk.com.bd ওয়েবসাইটে এবং প্রার্থীর মোবাইল ফোনে SMS-এর মাধ্যমে জানানো হবে।
13. User ID হারিয়ে গেলে: LRB <space> Help <space> User <space> SSC Roll লিখে send করতে হবে 16222 নম্বরে।
14. PIN Number হারিয়ে গেলে: LRB <space> Help <space> PIN <space> PIN No লিখে send করতে হবে 16222 নম্বরে।
15. টেলিটকের কোনো সমস্যায় vas.query@teletalk.com.bd ঠিকানায় ই-মেইল করা যাবে।
16. কর্তৃপক্ষ কোনো কারণ দর্শানো ব্যতিরেকে এ নিয়োগ বিজ্ঞপ্তি সম্পূর্ণ বা আংশিক বাতিল করার অধিকার সংরক্ষণ করে।
Example: LRB ABCDEF
Reply: Applicant's Name, TK- 112/- or 56/- will be charged as application fee. Your PIN is 12345678. To pay fee Type LRB <space> Yes <space> PIN and send to 16222.
Example: LRB YES 12345678
Reply: Congratulations Applicant's Name, payment completed successfully for LRB application for <post name> User ID is (ABCDEF) and password (LRB)
Example: LRB HELP USER 12345678
Example: LRB HELP PIN 12345678
~sign~
উপ-ভূমি সংস্কার কমিশনার (প্রশাসন)
ভূমি সংস্কার বোর্ড, ঢাকা
ফোন: ০২-৯১৪৬৫৮০
ই-মেইল: dlrc1@lrb.gov.bd
